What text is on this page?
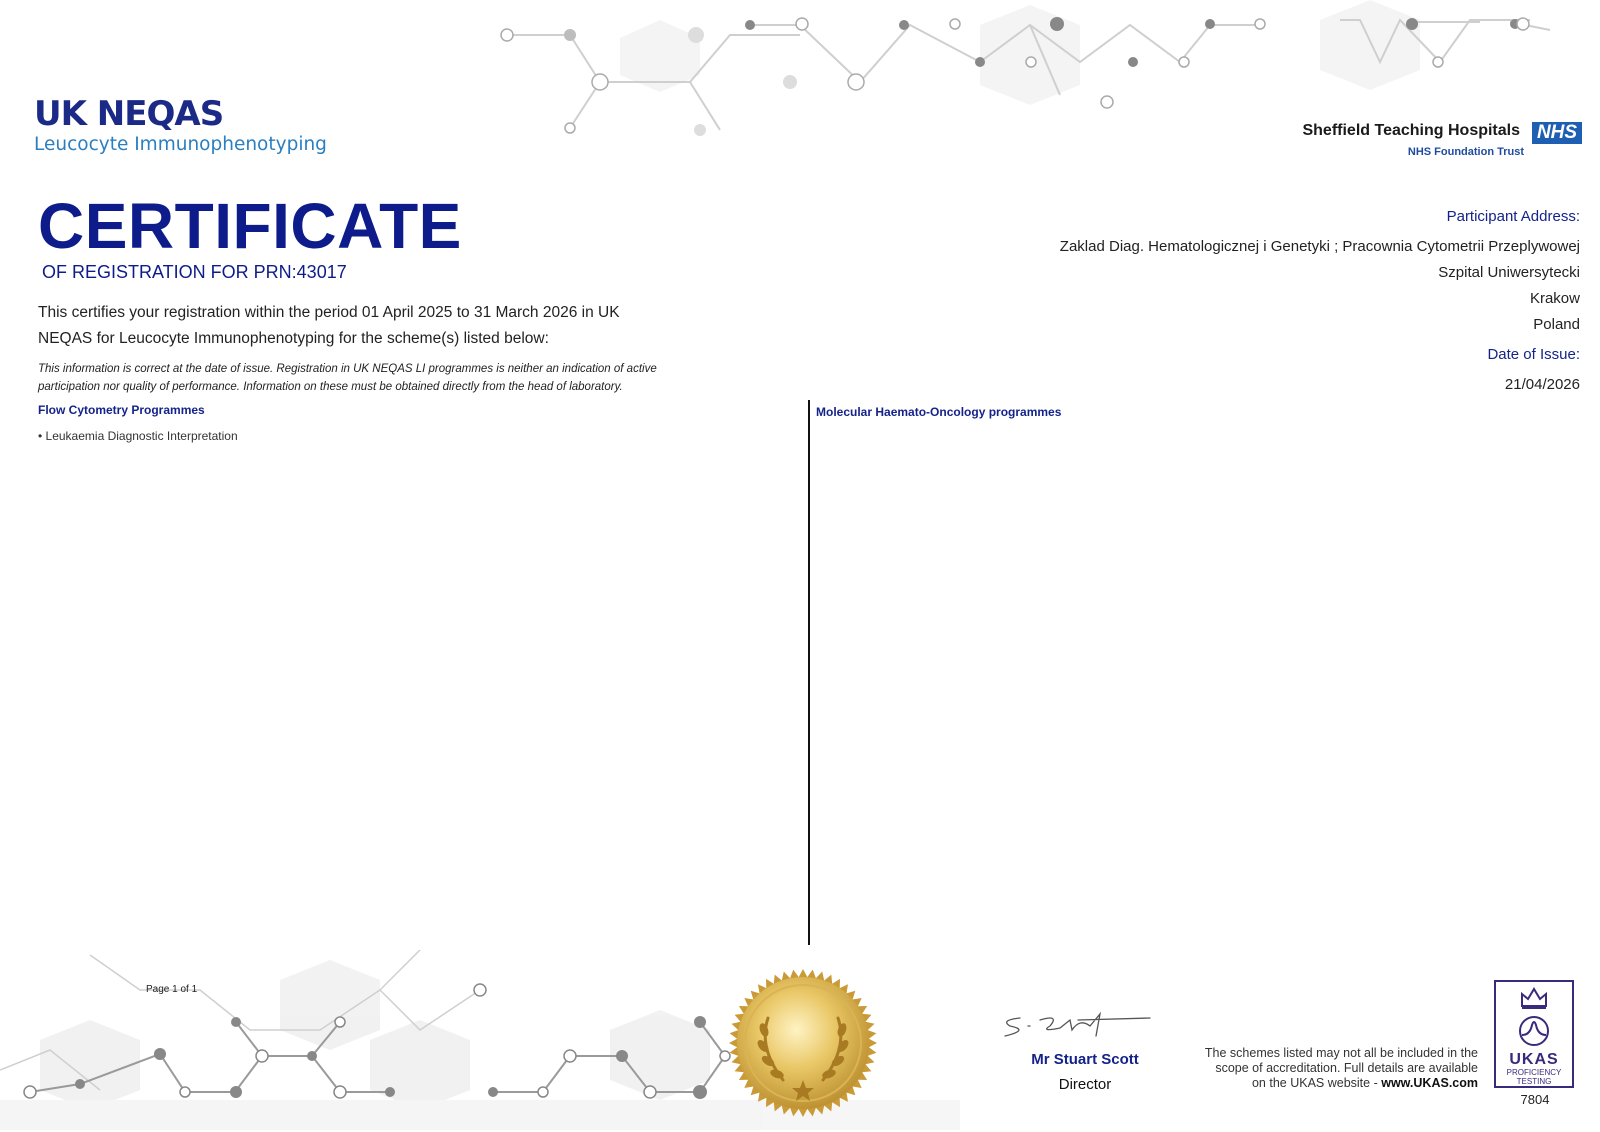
UK NEQAS
Leucocyte Immunophenotyping
Sheffield Teaching Hospitals NHS
NHS Foundation Trust
CERTIFICATE
OF REGISTRATION FOR PRN:43017
This certifies your registration within the period 01 April 2025 to 31 March 2026 in UK NEQAS for Leucocyte Immunophenotyping for the scheme(s) listed below:
This information is correct at the date of issue. Registration in UK NEQAS LI programmes is neither an indication of active participation nor quality of performance. Information on these must be obtained directly from the head of laboratory.
Flow Cytometry Programmes
• Leukaemia Diagnostic Interpretation
Molecular Haemato-Oncology programmes
Participant Address:
Zaklad Diag. Hematologicznej i Genetyki ; Pracownia Cytometrii Przeplywowej
Szpital Uniwersytecki
Krakow
Poland
Date of Issue:
21/04/2026
Page 1 of 1
Mr Stuart Scott
Director
The schemes listed may not all be included in the
scope of accreditation. Full details are available
on the UKAS website - www.UKAS.com

UKAS
PROFICIENCY
TESTING
7804
